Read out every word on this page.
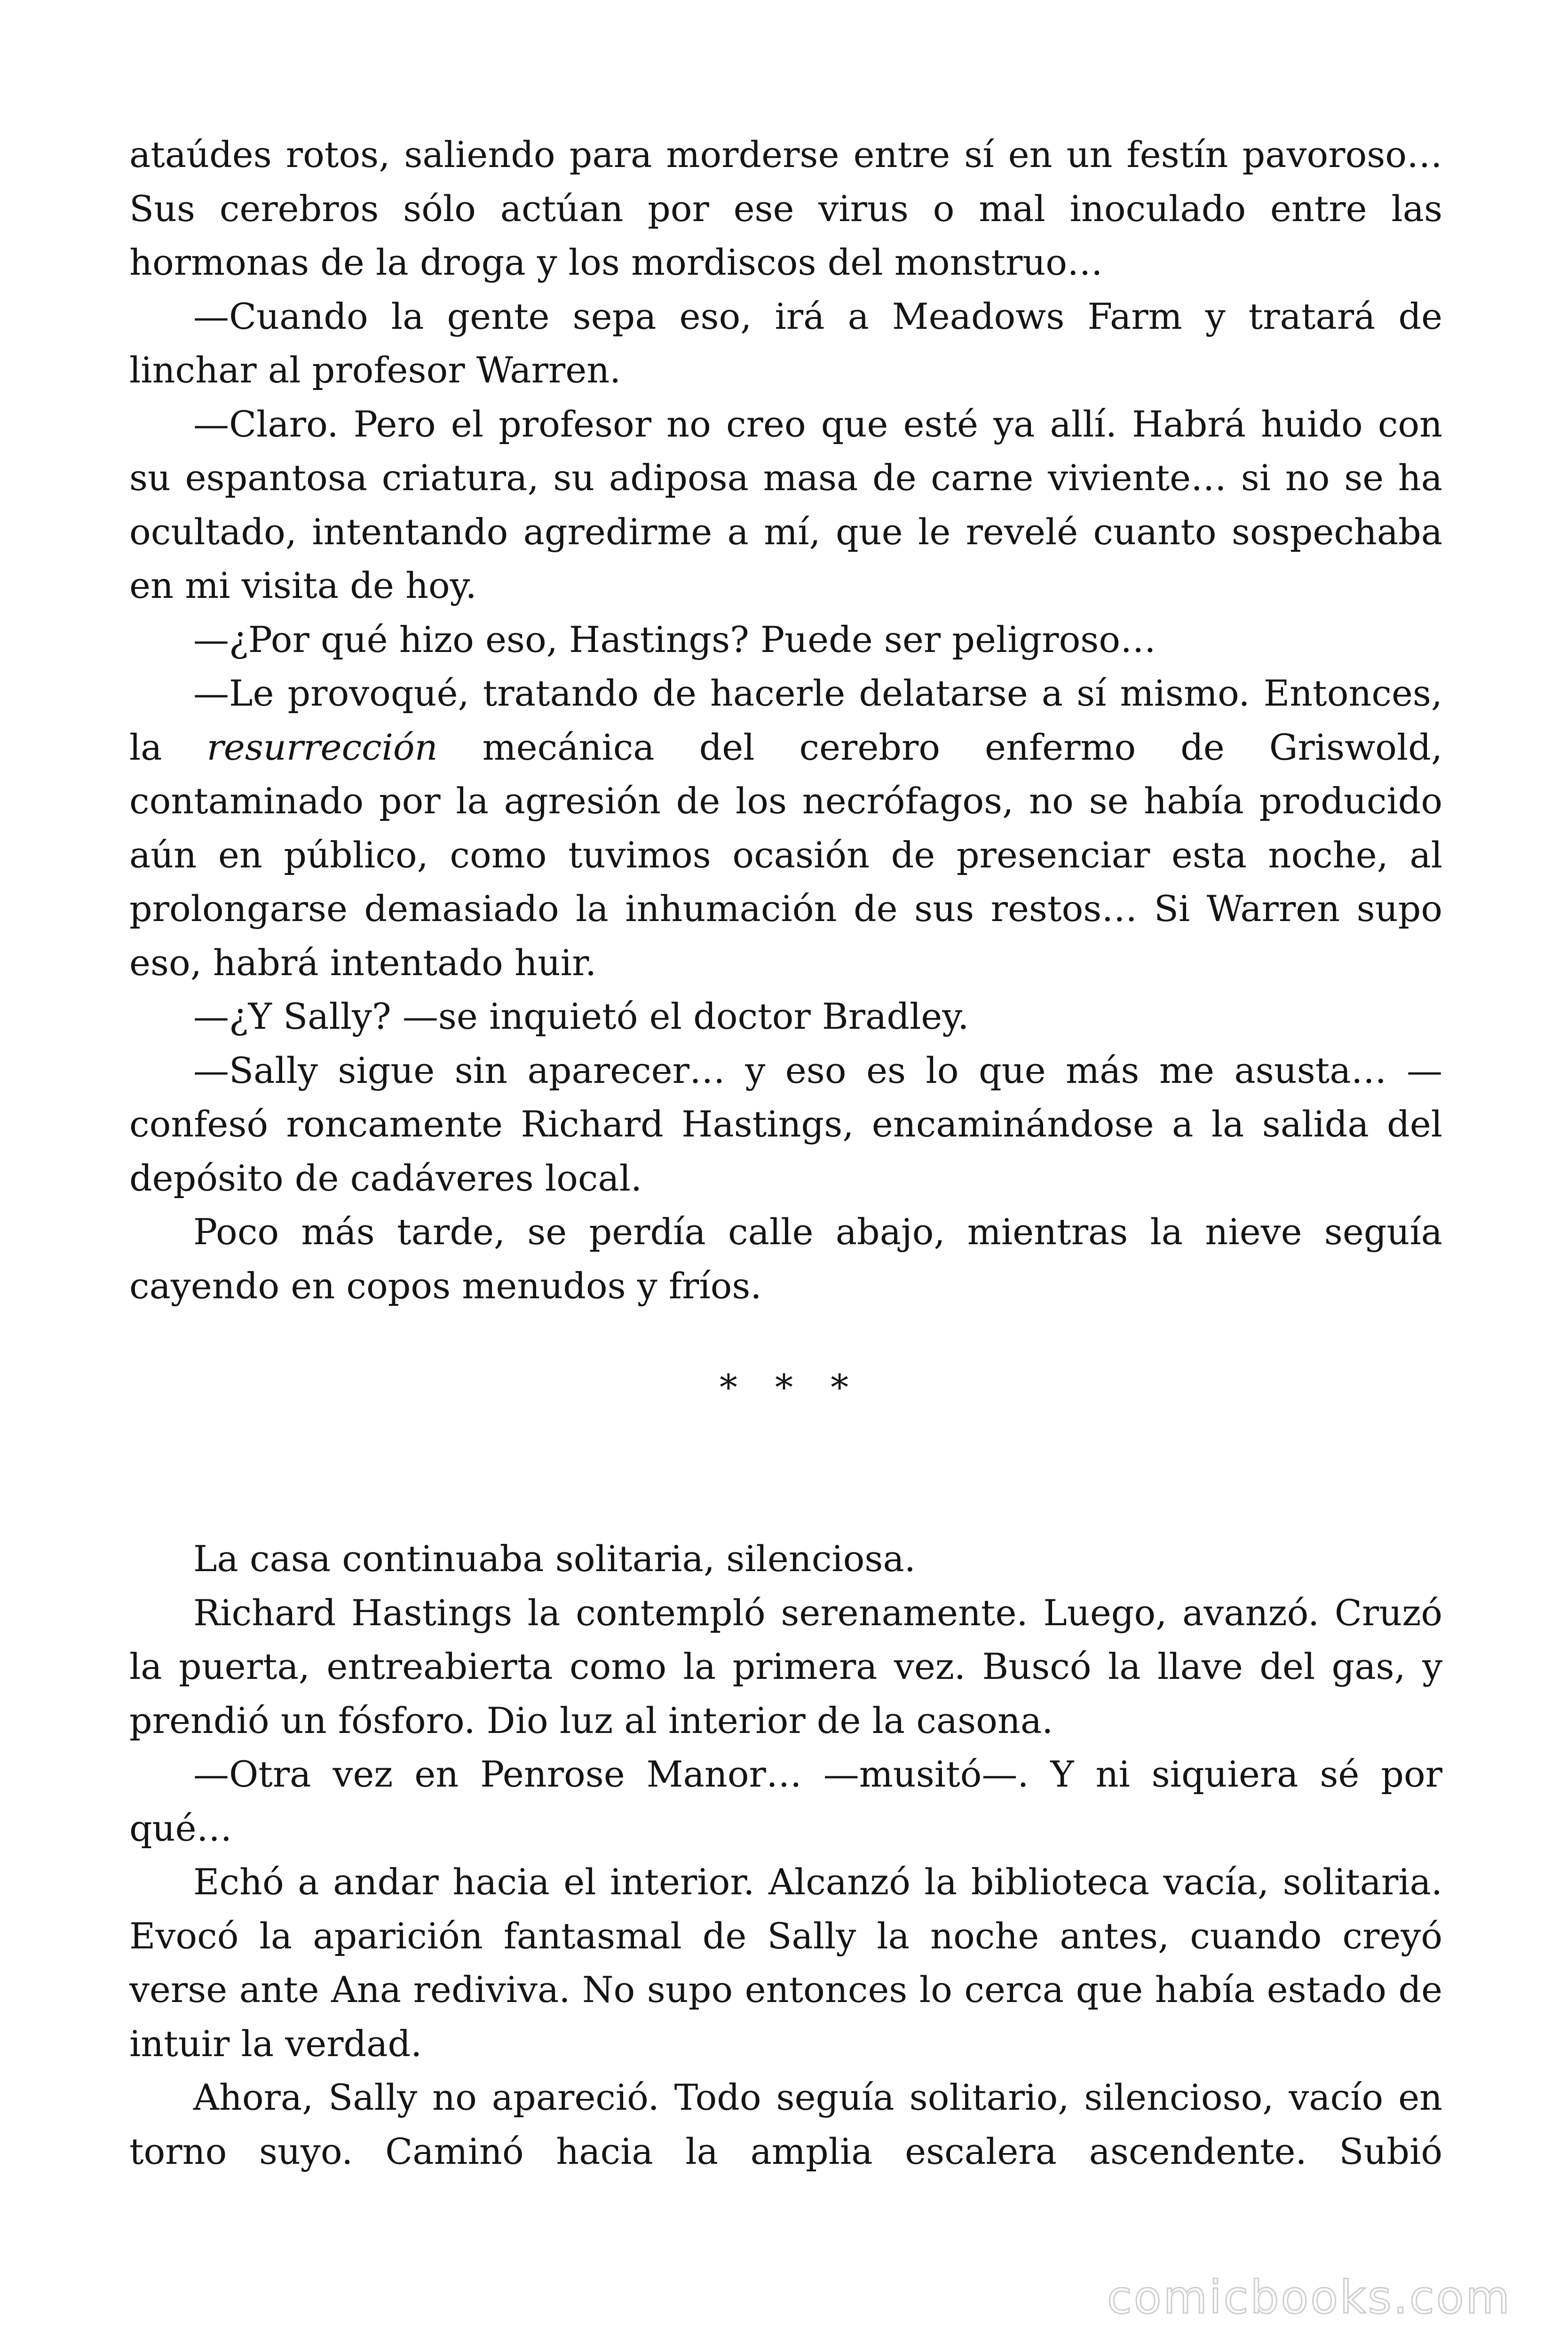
ataúdes rotos, saliendo para morderse entre sí en un festín pavoroso… Sus cerebros sólo actúan por ese virus o mal inoculado entre las hormonas de la droga y los mordiscos del monstruo…

—Cuando la gente sepa eso, irá a Meadows Farm y tratará de linchar al profesor Warren.

—Claro. Pero el profesor no creo que esté ya allí. Habrá huido con su espantosa criatura, su adiposa masa de carne viviente… si no se ha ocultado, intentando agredirme a mí, que le revelé cuanto sospechaba en mi visita de hoy.

—¿Por qué hizo eso, Hastings? Puede ser peligroso…

—Le provoqué, tratando de hacerle delatarse a sí mismo. Entonces, la resurrección mecánica del cerebro enfermo de Griswold, contaminado por la agresión de los necrófagos, no se había producido aún en público, como tuvimos ocasión de presenciar esta noche, al prolongarse demasiado la inhumación de sus restos… Si Warren supo eso, habrá intentado huir.

—¿Y Sally? —se inquietó el doctor Bradley.

—Sally sigue sin aparecer… y eso es lo que más me asusta… —confesó roncamente Richard Hastings, encaminándose a la salida del depósito de cadáveres local.

Poco más tarde, se perdía calle abajo, mientras la nieve seguía cayendo en copos menudos y fríos.

* * *

La casa continuaba solitaria, silenciosa.

Richard Hastings la contempló serenamente. Luego, avanzó. Cruzó la puerta, entreabierta como la primera vez. Buscó la llave del gas, y prendió un fósforo. Dio luz al interior de la casona.

—Otra vez en Penrose Manor… —musitó—. Y ni siquiera sé por qué…

Echó a andar hacia el interior. Alcanzó la biblioteca vacía, solitaria. Evocó la aparición fantasmal de Sally la noche antes, cuando creyó verse ante Ana rediviva. No supo entonces lo cerca que había estado de intuir la verdad.

Ahora, Sally no apareció. Todo seguía solitario, silencioso, vacío en torno suyo. Caminó hacia la amplia escalera ascendente. Subió

comicbooks.com
